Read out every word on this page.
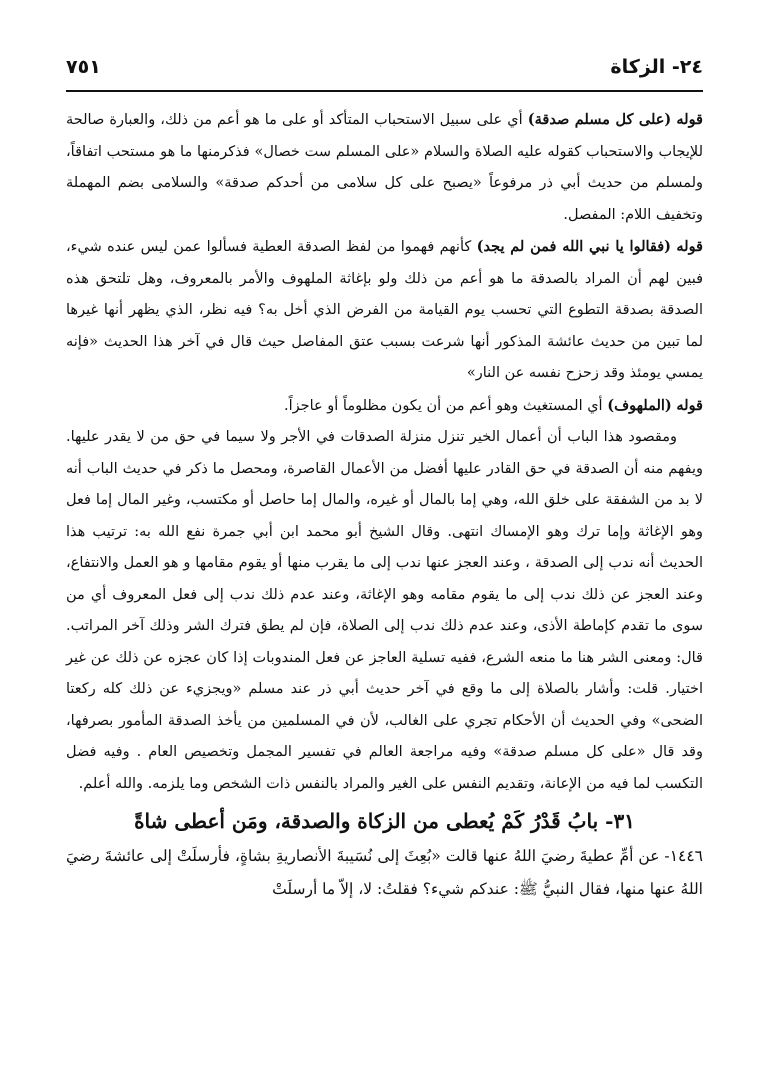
٢٤- الزكاة
٧٥١

قوله (على كل مسلم صدقة) أي على سبيل الاستحباب المتأكد أو على ما هو أعم من ذلك، والعبارة صالحة للإيجاب والاستحباب كقوله عليه الصلاة والسلام «على المسلم ست خصال» فذكرمنها ما هو مستحب اتفاقاً، ولمسلم من حديث أبي ذر مرفوعاً «يصبح على كل سلامى من أحدكم صدقة» والسلامى بضم المهملة وتخفيف اللام: المفصل.

قوله (فقالوا يا نبي الله فمن لم يجد) كأنهم فهموا من لفظ الصدقة العطية فسألوا عمن ليس عنده شيء، فبين لهم أن المراد بالصدقة ما هو أعم من ذلك ولو بإغاثة الملهوف والأمر بالمعروف، وهل تلتحق هذه الصدقة بصدقة التطوع التي تحسب يوم القيامة من الفرض الذي أخل به؟ فيه نظر، الذي يظهر أنها غيرها لما تبين من حديث عائشة المذكور أنها شرعت بسبب عتق المفاصل حيث قال في آخر هذا الحديث «فإنه يمسي يومئذ وقد زحزح نفسه عن النار»

قوله (الملهوف) أي المستغيث وهو أعم من أن يكون مظلوماً أو عاجزاً.

ومقصود هذا الباب أن أعمال الخير تنزل منزلة الصدقات في الأجر ولا سيما في حق من لا يقدر عليها. ويفهم منه أن الصدقة في حق القادر عليها أفضل من الأعمال القاصرة، ومحصل ما ذكر في حديث الباب أنه لا بد من الشفقة على خلق الله، وهي إما بالمال أو غيره، والمال إما حاصل أو مكتسب، وغير المال إما فعل وهو الإغاثة وإما ترك وهو الإمساك انتهى. وقال الشيخ أبو محمد ابن أبي جمرة نفع الله به: ترتيب هذا الحديث أنه ندب إلى الصدقة ، وعند العجز عنها ندب إلى ما يقرب منها أو يقوم مقامها و هو العمل والانتفاع، وعند العجز عن ذلك ندب إلى ما يقوم مقامه وهو الإغاثة، وعند عدم ذلك ندب إلى فعل المعروف أي من سوى ما تقدم كإماطة الأذى، وعند عدم ذلك ندب إلى الصلاة، فإن لم يطق فترك الشر وذلك آخر المراتب. قال: ومعنى الشر هنا ما منعه الشرع، ففيه تسلية العاجز عن فعل المندوبات إذا كان عجزه عن ذلك عن غير اختيار. قلت: وأشار بالصلاة إلى ما وقع في آخر حديث أبي ذر عند مسلم «ويجزيء عن ذلك كله ركعتا الضحى» وفي الحديث أن الأحكام تجري على الغالب، لأن في المسلمين من يأخذ الصدقة المأمور بصرفها، وقد قال «على كل مسلم صدقة» وفيه مراجعة العالم في تفسير المجمل وتخصيص العام . وفيه فضل التكسب لما فيه من الإعانة، وتقديم النفس على الغير والمراد بالنفس ذات الشخص وما يلزمه. والله أعلم.

٣١- بابُ قَدْرُ كَمْ يُعطى من الزكاة والصدقة، ومَن أعطى شاةً

١٤٤٦- عن أمِّ عطيةَ رضيَ اللهُ عنها قالت «بُعِثَ إلى نُسَيبةَ الأنصاريةِ بشاةٍ، فأرسلَتْ إلى عائشةَ رضيَ اللهُ عنها منها، فقال النبيُّ ﷺ: عندكم شيء؟ فقلتُ: لا، إلاّ ما أرسلَتْ
